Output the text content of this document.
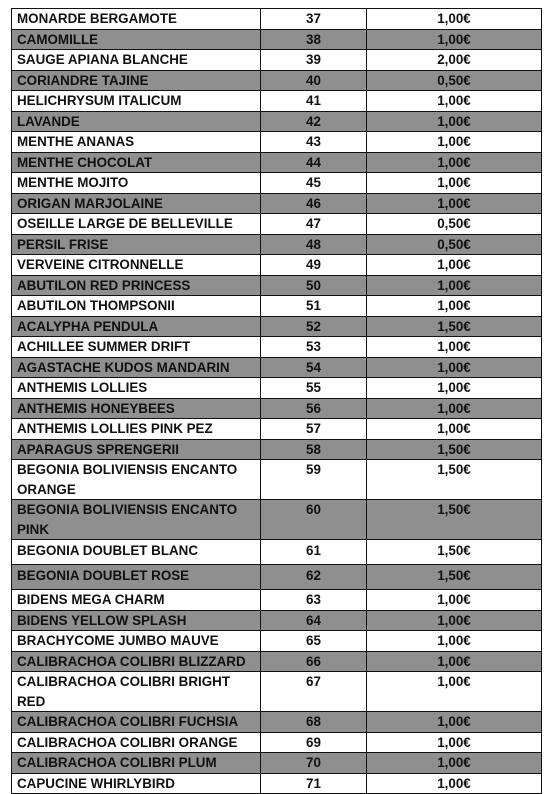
MONARDE BERGAMOTE	37	1,00€
CAMOMILLE	38	1,00€
SAUGE APIANA BLANCHE	39	2,00€
CORIANDRE TAJINE	40	0,50€
HELICHRYSUM ITALICUM	41	1,00€
LAVANDE	42	1,00€
MENTHE ANANAS	43	1,00€
MENTHE CHOCOLAT	44	1,00€
MENTHE MOJITO	45	1,00€
ORIGAN MARJOLAINE	46	1,00€
OSEILLE LARGE DE BELLEVILLE	47	0,50€
PERSIL FRISE	48	0,50€
VERVEINE CITRONNELLE	49	1,00€
ABUTILON RED PRINCESS	50	1,00€
ABUTILON THOMPSONII	51	1,00€
ACALYPHA PENDULA	52	1,50€
ACHILLEE SUMMER DRIFT	53	1,00€
AGASTACHE KUDOS MANDARIN	54	1,00€
ANTHEMIS LOLLIES	55	1,00€
ANTHEMIS HONEYBEES	56	1,00€
ANTHEMIS LOLLIES PINK PEZ	57	1,00€
APARAGUS SPRENGERII	58	1,50€
BEGONIA BOLIVIENSIS ENCANTO ORANGE	59	1,50€
BEGONIA BOLIVIENSIS ENCANTO PINK	60	1,50€
BEGONIA DOUBLET BLANC	61	1,50€
BEGONIA DOUBLET ROSE	62	1,50€
BIDENS MEGA CHARM	63	1,00€
BIDENS YELLOW SPLASH	64	1,00€
BRACHYCOME JUMBO MAUVE	65	1,00€
CALIBRACHOA COLIBRI BLIZZARD	66	1,00€
CALIBRACHOA COLIBRI BRIGHT RED	67	1,00€
CALIBRACHOA COLIBRI FUCHSIA	68	1,00€
CALIBRACHOA COLIBRI ORANGE	69	1,00€
CALIBRACHOA COLIBRI PLUM	70	1,00€
CAPUCINE WHIRLYBIRD	71	1,00€
